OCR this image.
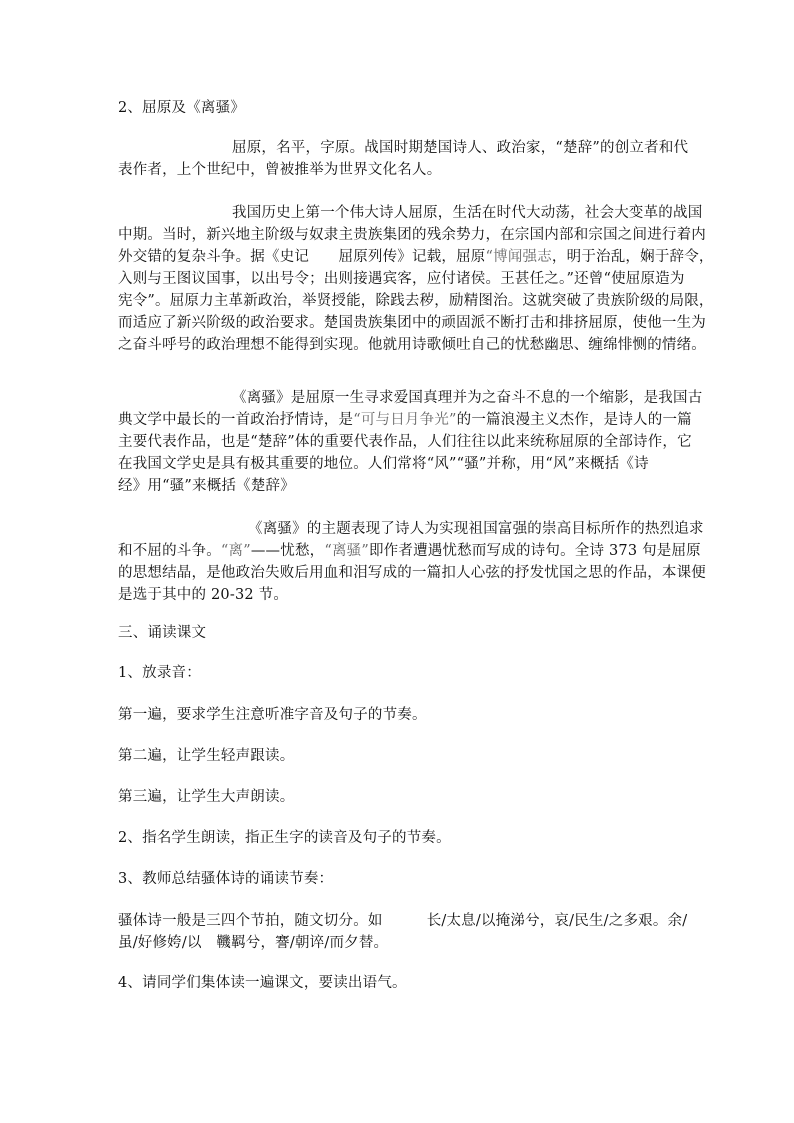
2、屈原及《离骚》
屈原，名平，字原。战国时期楚国诗人、政治家，“楚辞”的创立者和代
表作者，上个世纪中，曾被推举为世界文化名人。
我国历史上第一个伟大诗人屈原，生活在时代大动荡，社会大变革的战国
中期。当时，新兴地主阶级与奴隶主贵族集团的残余势力，在宗国内部和宗国之间进行着内
外交错的复杂斗争。据《史记　　屈原列传》记载，屈原“博闻强志，明于治乱，娴于辞令，
入则与王图议国事，以出号令；出则接遇宾客，应付诸侯。王甚任之。”还曾“使屈原造为
宪令”。屈原力主革新政治，举贤授能，除践去秽，励精图治。这就突破了贵族阶级的局限，
而适应了新兴阶级的政治要求。楚国贵族集团中的顽固派不断打击和排挤屈原，使他一生为
之奋斗呼号的政治理想不能得到实现。他就用诗歌倾吐自己的忧愁幽思、缠绵悱恻的情绪。
《离骚》是屈原一生寻求爱国真理并为之奋斗不息的一个缩影，是我国古
典文学中最长的一首政治抒情诗，是“可与日月争光”的一篇浪漫主义杰作，是诗人的一篇
主要代表作品，也是“楚辞”体的重要代表作品，人们往往以此来统称屈原的全部诗作，它
在我国文学史是具有极其重要的地位。人们常将“风”“骚”并称，用“风”来概括《诗
经》用“骚”来概括《楚辞》
《离骚》的主题表现了诗人为实现祖国富强的崇高目标所作的热烈追求
和不屈的斗争。“离”——忧愁，“离骚”即作者遭遇忧愁而写成的诗句。全诗 373 句是屈原
的思想结晶，是他政治失败后用血和泪写成的一篇扣人心弦的抒发忧国之思的作品，本课便
是选于其中的 20-32 节。
三、诵读课文
1、放录音：
第一遍，要求学生注意听准字音及句子的节奏。
第二遍，让学生轻声跟读。
第三遍，让学生大声朗读。
2、指名学生朗读，指正生字的读音及句子的节奏。
3、教师总结骚体诗的诵读节奏：
骚体诗一般是三四个节拍，随文切分。如　　　长/太息/以掩涕兮，哀/民生/之多艰。余/
虽/好修姱/以　鞿羁兮，謇/朝谇/而夕替。
4、请同学们集体读一遍课文，要读出语气。
